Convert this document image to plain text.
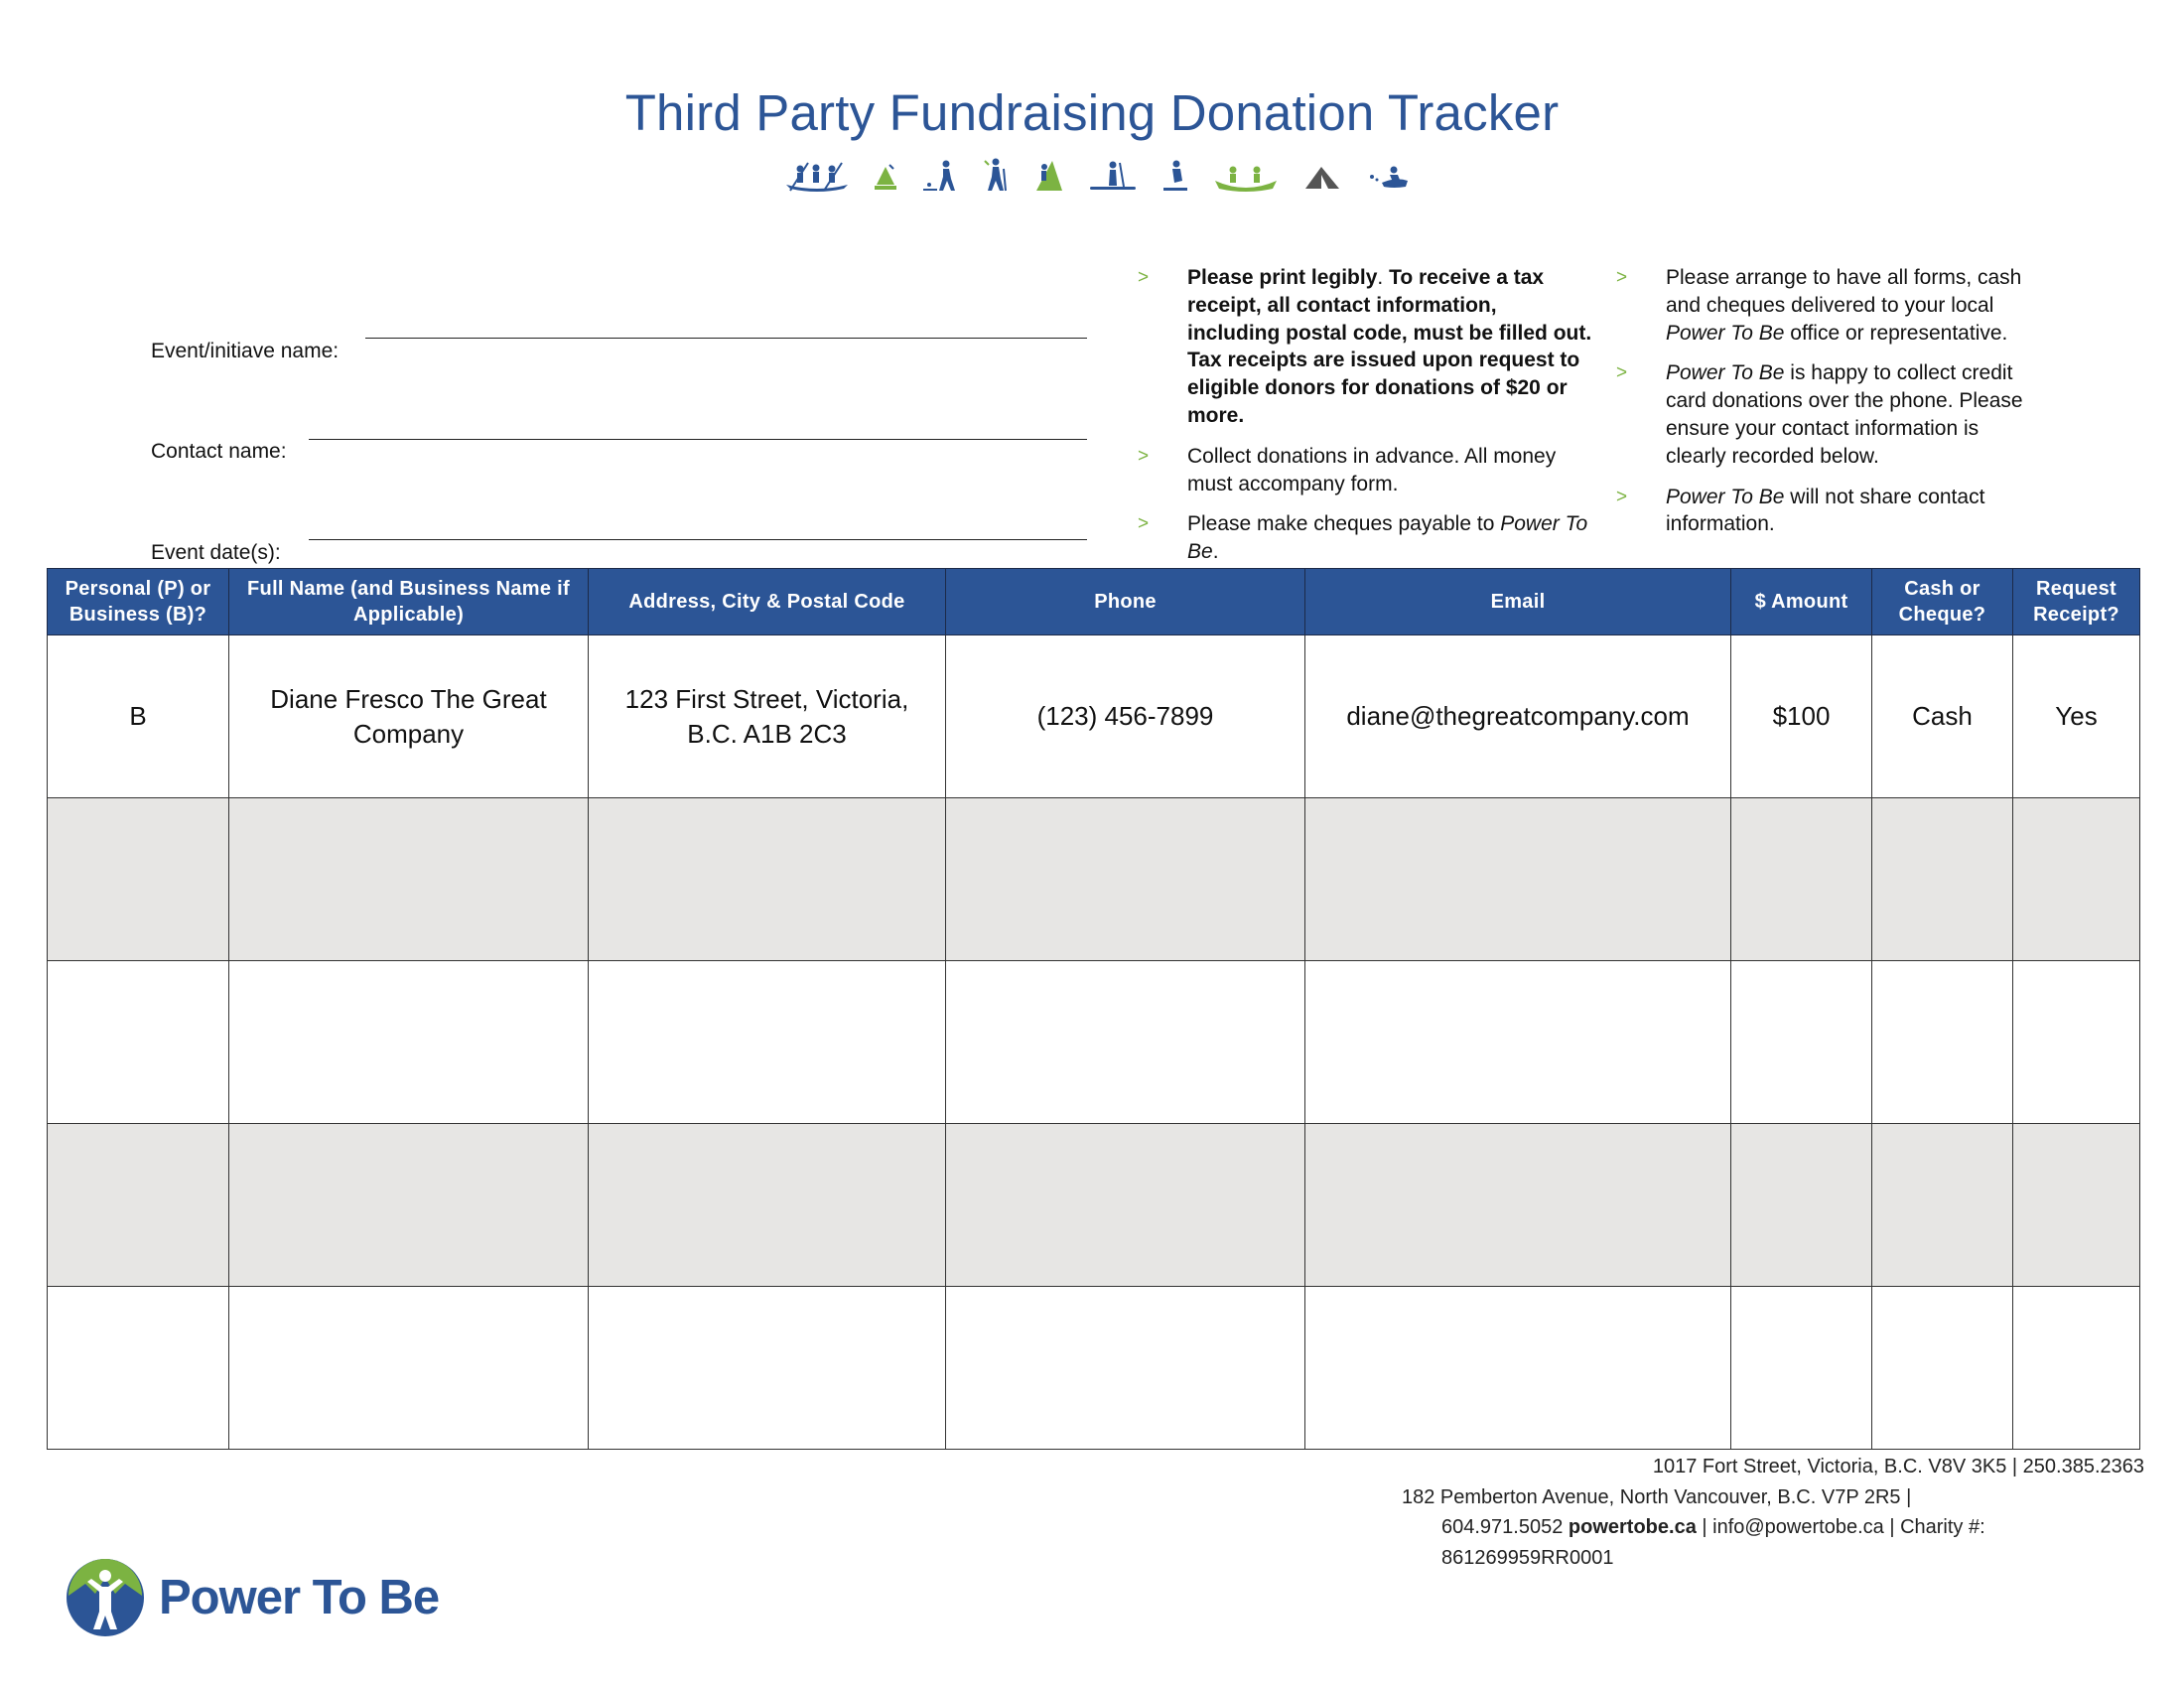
Third Party Fundraising Donation Tracker
Event/initiave name:
Contact name:
Event date(s):
> Please print legibly. To receive a tax receipt, all contact information, including postal code, must be filled out. Tax receipts are issued upon request to eligible donors for donations of $20 or more.
> Collect donations in advance. All money must accompany form.
> Please make cheques payable to Power To Be.
> Please arrange to have all forms, cash and cheques delivered to your local Power To Be office or representative.
> Power To Be is happy to collect credit card donations over the phone. Please ensure your contact information is clearly recorded below.
> Power To Be will not share contact information.
Personal (P) or Business (B)?	Full Name (and Business Name if Applicable)	Address, City & Postal Code	Phone	Email	$ Amount	Cash or Cheque?	Request Receipt?
B	Diane Fresco The Great Company	123 First Street, Victoria, B.C. A1B 2C3	(123) 456-7899	diane@thegreatcompany.com	$100	Cash	Yes

1017 Fort Street, Victoria, B.C. V8V 3K5 | 250.385.2363
182 Pemberton Avenue, North Vancouver, B.C. V7P 2R5 |
604.971.5052 powertobe.ca | info@powertobe.ca | Charity #:
861269959RR0001
Power To Be
